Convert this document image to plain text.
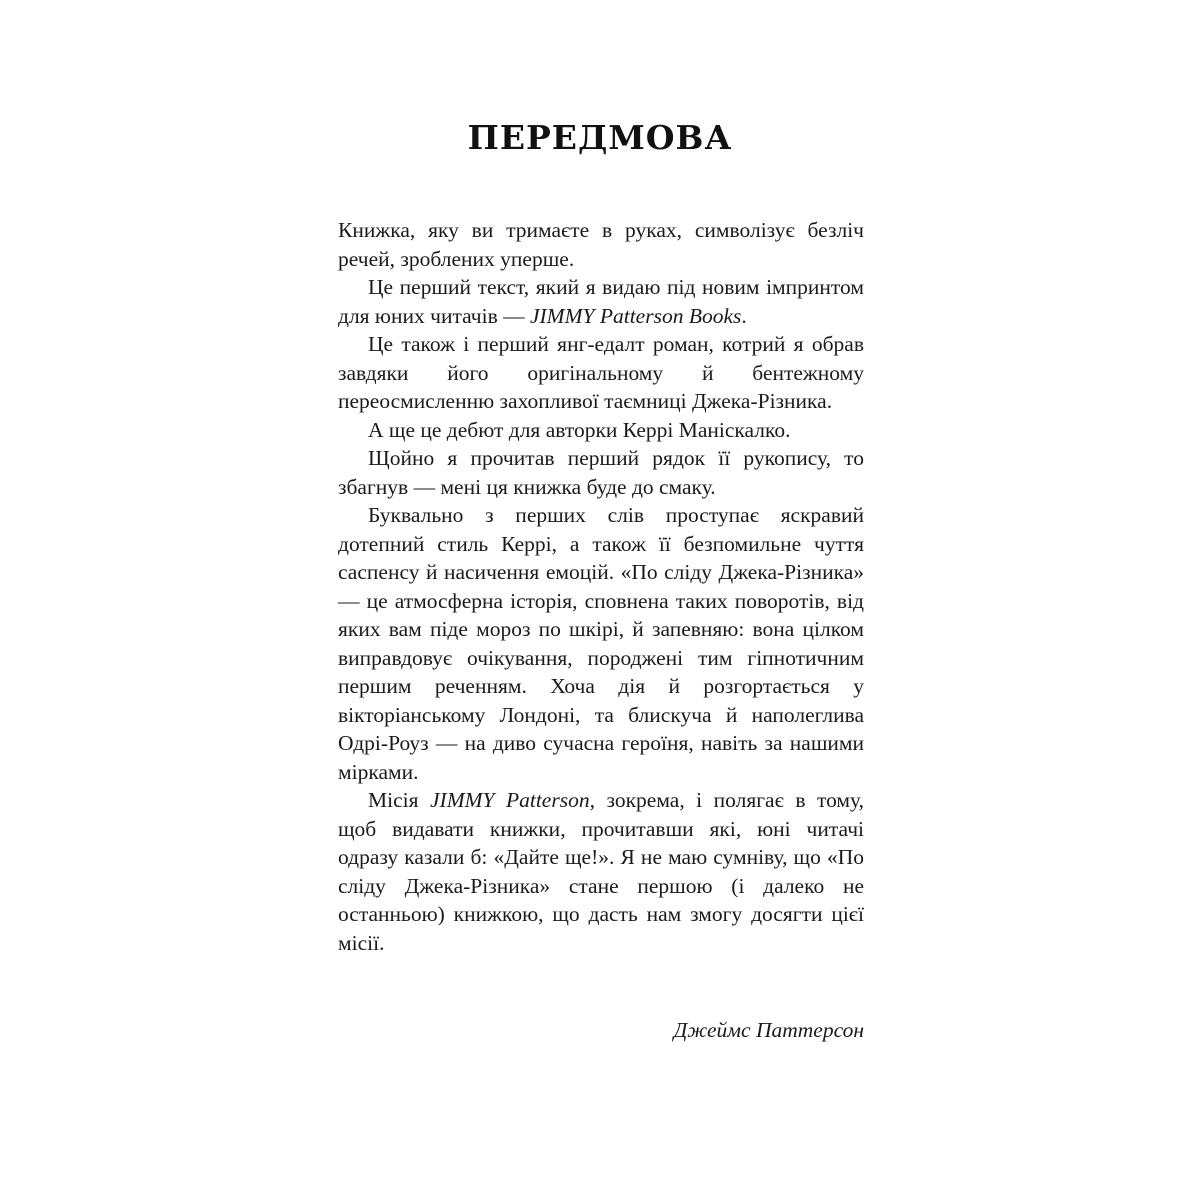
ПЕРЕДМОВА

Книжка, яку ви тримаєте в руках, символізує безліч речей, зроблених уперше.

Це перший текст, який я видаю під новим імпринтом для юних читачів — JIMMY Patterson Books.

Це також і перший янг-едалт роман, котрий я обрав завдяки його оригінальному й бентежному переосмисленню захопливої таємниці Джека-Різника.

А ще це дебют для авторки Керрі Маніскалко.

Щойно я прочитав перший рядок її рукопису, то збагнув — мені ця книжка буде до смаку.

Буквально з перших слів проступає яскравий дотепний стиль Керрі, а також її безпомильне чуття саспенсу й насичення емоцій. «По сліду Джека-Різника» — це атмосферна історія, сповнена таких поворотів, від яких вам піде мороз по шкірі, й запевняю: вона цілком виправдовує очікування, породжені тим гіпнотичним першим реченням. Хоча дія й розгортається у вікторіанському Лондоні, та блискуча й наполеглива Одрі-Роуз — на диво сучасна героїня, навіть за нашими мірками.

Місія JIMMY Patterson, зокрема, і полягає в тому, щоб видавати книжки, прочитавши які, юні читачі одразу казали б: «Дайте ще!». Я не маю сумніву, що «По сліду Джека-Різника» стане першою (і далеко не останньою) книжкою, що дасть нам змогу досягти цієї місії.

Джеймс Паттерсон
